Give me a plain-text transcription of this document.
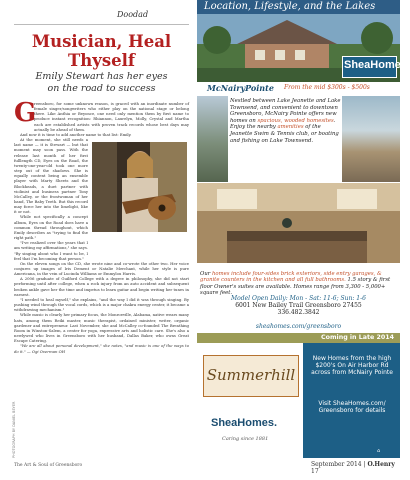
Doodad
Musician, Heal
Thyself
Emily Stewart has her eyes
on the road to success
G

reensboro, for some unknown reason, is graced with an inordinate number of female singer/songwriters who either play on the national stage or belong there. Like Anthia or Beyonce, one need only mention them by first name to produce instant recognition: Rhiannon, Laurelyn, Molly, Crystal and Martha each are established artists with proven track records whose best days may actually be ahead of them.

And now it is time to add another name to that list: Emily.

At the moment, she still needs a last name — it is Stewart — but that moment may soon pass. With the release last month of her first fulllength CD, Eyes on the Road, the twenty-one-year-old took one more step out of the shadows. She is equally content being an ensemble player with Marty Sheets and the Blockheads, a duet partner with violinist and business partner Tony McCalley, or the frontwoman of her band, The Baby Teeth. But this record may force her into the limelight, like it or not.

While not specifically a concept album, Eyes on the Road does have a common thread throughout, which Emily describes as "trying to find the right path."

"I've realized over the years that I am writing my affirmations," she says. "By singing about who I want to be, I feel that I'm becoming that person."

On the eleven songs on the CD, she wrote nine and co-wrote the other two. Her voice conjures up images of Iris Dement or Natalie Merchant, while her style is pure Americana, in the vein of Lucinda Williams or Emmylou Harris.

A 2006 graduate of Guilford College with a degree in philosophy, she did not start performing until after college, when a rock injury from an auto accident and subsequent broken ankle gave her the time and impetus to learn guitar and begin writing her tunes in earnest.

"I needed to heal myself," she explains, "and the way I did it was through singing. By pushing wind through the vocal cords, which is a major chakra energy center, it became a withdrawing mechanism."

While music is clearly her primary focus, the Monroeville, Alabama, native wears many hats, among them Reiki master, music therapist, ordained minister, writer, organic gardener and entrepreneur. Last November, she and McCalley co-founded The Breathing Room in Winston-Salem, a center for yoga, expressive arts and holistic care. She's also a newlywed who lives in Greensboro with her husband, Dallas Baker, who owns Great Escape Catering.

"We are all about personal development," she notes, "and music is one of the ways to do it." — Ogi Overman OH

PHOTOGRAPH BY DANIEL BEYER
The Art & Soul of Greensboro	September 2014 | O.Henry 17
Location, Lifestyle, and the Lakes
SheaHomes.
McNairyPointe From the mid $300s - $500s
Nestled between Lake Jeanette and Lake Townsend, and convenient to downtown Greensboro, McNairy Pointe offers new homes on spacious, wooded homesites. Enjoy the nearby amenities of the Jeanette Swim & Tennis club, or boating and fishing on Lake Townsend.
Our homes include four-sides brick exteriors, side entry garages, & granite counters in the kitchen and all full bathrooms. 1.5 story & first floor Owner's suites are available. Homes range from 3,300 - 5,000+ square feet.
Model Open Daily: Mon - Sat: 11-6; Sun: 1-6
6001 New Bailey Trail Greensboro 27455
336.482.3842
sheahomes.com/greensboro
Coming in Late 2014
Summerhill
SheaHomes.
Caring since 1881
New Homes from the high $200's On Air Harbor Rd across from McNairy Pointe
Visit SheaHomes.com/ Greensboro for details
⌂
